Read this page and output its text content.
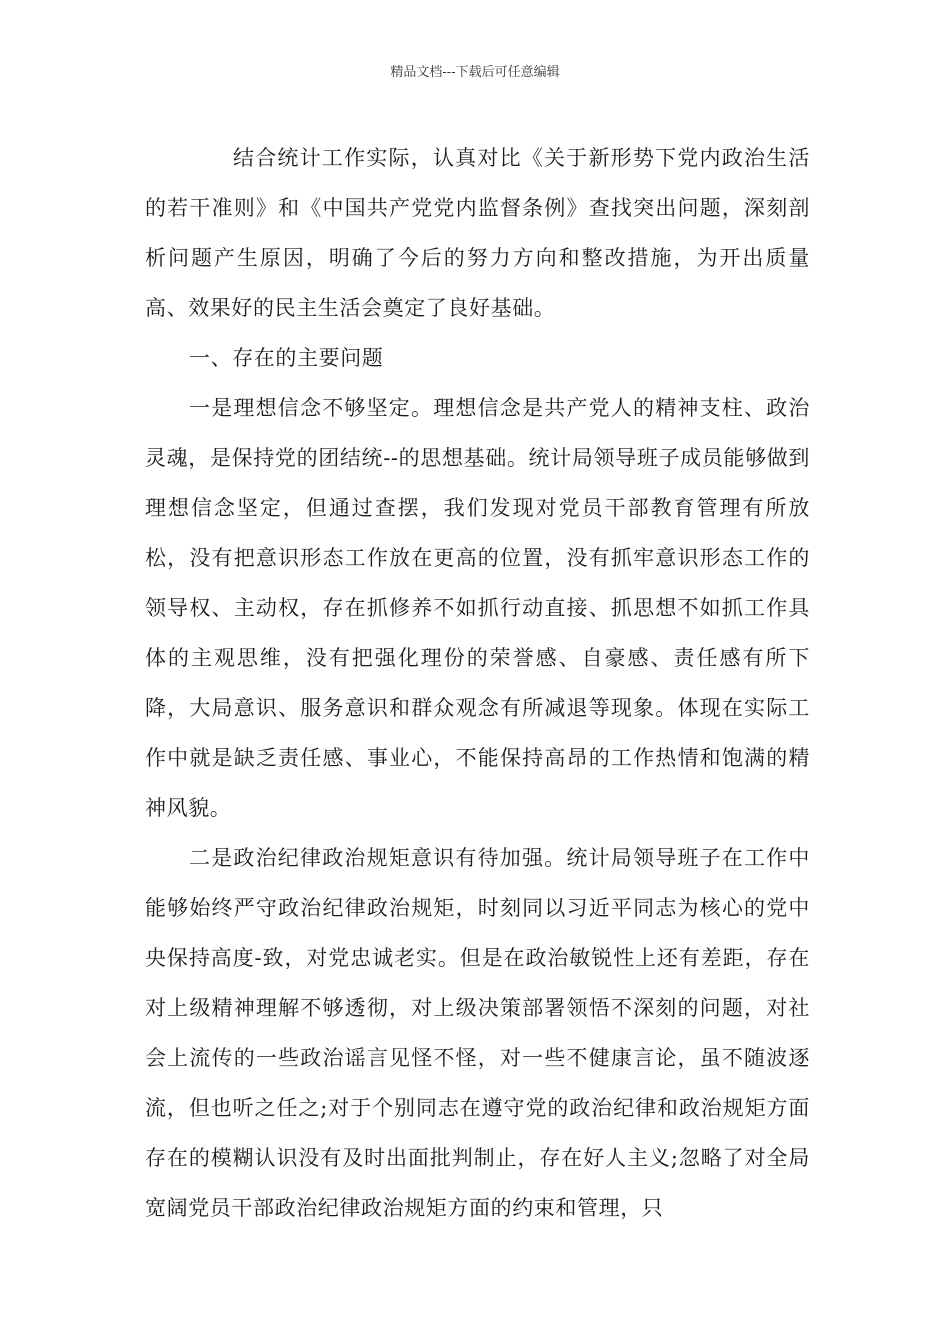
精品文档---下载后可任意编辑

结合统计工作实际，认真对比《关于新形势下党内政治生活的若干准则》和《中国共产党党内监督条例》查找突出问题，深刻剖析问题产生原因，明确了今后的努力方向和整改措施，为开出质量高、效果好的民主生活会奠定了良好基础。

一、存在的主要问题

一是理想信念不够坚定。理想信念是共产党人的精神支柱、政治灵魂，是保持党的团结统--的思想基础。统计局领导班子成员能够做到理想信念坚定，但通过查摆，我们发现对党员干部教育管理有所放松，没有把意识形态工作放在更高的位置，没有抓牢意识形态工作的领导权、主动权，存在抓修养不如抓行动直接、抓思想不如抓工作具体的主观思维，没有把强化理份的荣誉感、自豪感、责任感有所下降，大局意识、服务意识和群众观念有所减退等现象。体现在实际工作中就是缺乏责任感、事业心，不能保持高昂的工作热情和饱满的精神风貌。

二是政治纪律政治规矩意识有待加强。统计局领导班子在工作中能够始终严守政治纪律政治规矩，时刻同以习近平同志为核心的党中央保持高度-致，对党忠诚老实。但是在政治敏锐性上还有差距，存在对上级精神理解不够透彻，对上级决策部署领悟不深刻的问题，对社会上流传的一些政治谣言见怪不怪，对一些不健康言论，虽不随波逐流，但也听之任之;对于个别同志在遵守党的政治纪律和政治规矩方面存在的模糊认识没有及时出面批判制止，存在好人主义;忽略了对全局宽阔党员干部政治纪律政治规矩方面的约束和管理，只
